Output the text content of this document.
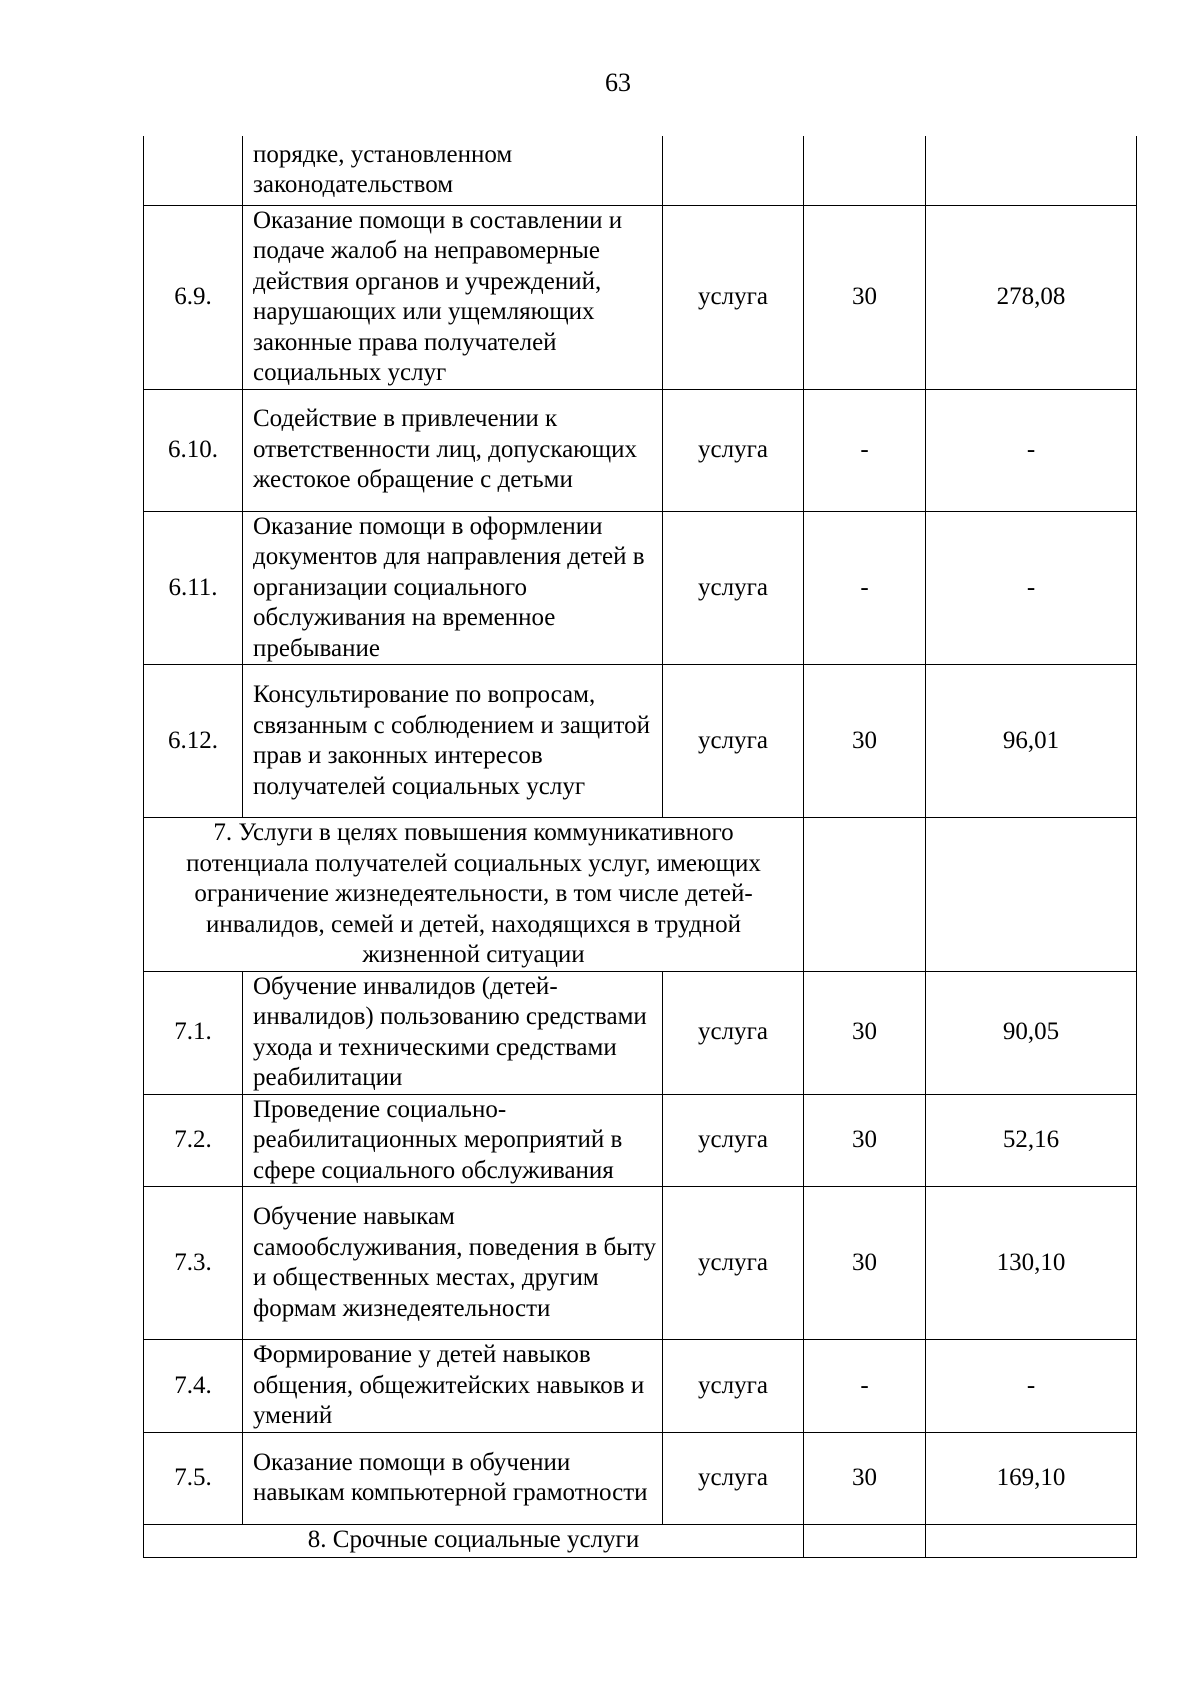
63
	порядке, установленном законодательством			
6.9.	Оказание помощи в составлении и подаче жалоб на неправомерные действия органов и учреждений, нарушающих или ущемляющих законные права получателей социальных услуг	услуга	30	278,08
6.10.	Содействие в привлечении к ответственности лиц, допускающих жестокое обращение с детьми	услуга	-	-
6.11.	Оказание помощи в оформлении документов для направления детей в организации социального обслуживания на временное пребывание	услуга	-	-
6.12.	Консультирование по вопросам, связанным с соблюдением и защитой прав и законных интересов получателей социальных услуг	услуга	30	96,01
7. Услуги в целях повышения коммуникативного потенциала получателей социальных услуг, имеющих ограничение жизнедеятельности, в том числе детей-инвалидов, семей и детей, находящихся в трудной жизненной ситуации				
7.1.	Обучение инвалидов (детей-инвалидов) пользованию средствами ухода и техническими средствами реабилитации	услуга	30	90,05
7.2.	Проведение социально-реабилитационных мероприятий в сфере социального обслуживания	услуга	30	52,16
7.3.	Обучение навыкам самообслуживания, поведения в быту и общественных местах, другим формам жизнедеятельности	услуга	30	130,10
7.4.	Формирование у детей навыков общения, общежитейских навыков и умений	услуга	-	-
7.5.	Оказание помощи в обучении навыкам компьютерной грамотности	услуга	30	169,10
8. Срочные социальные услуги				
